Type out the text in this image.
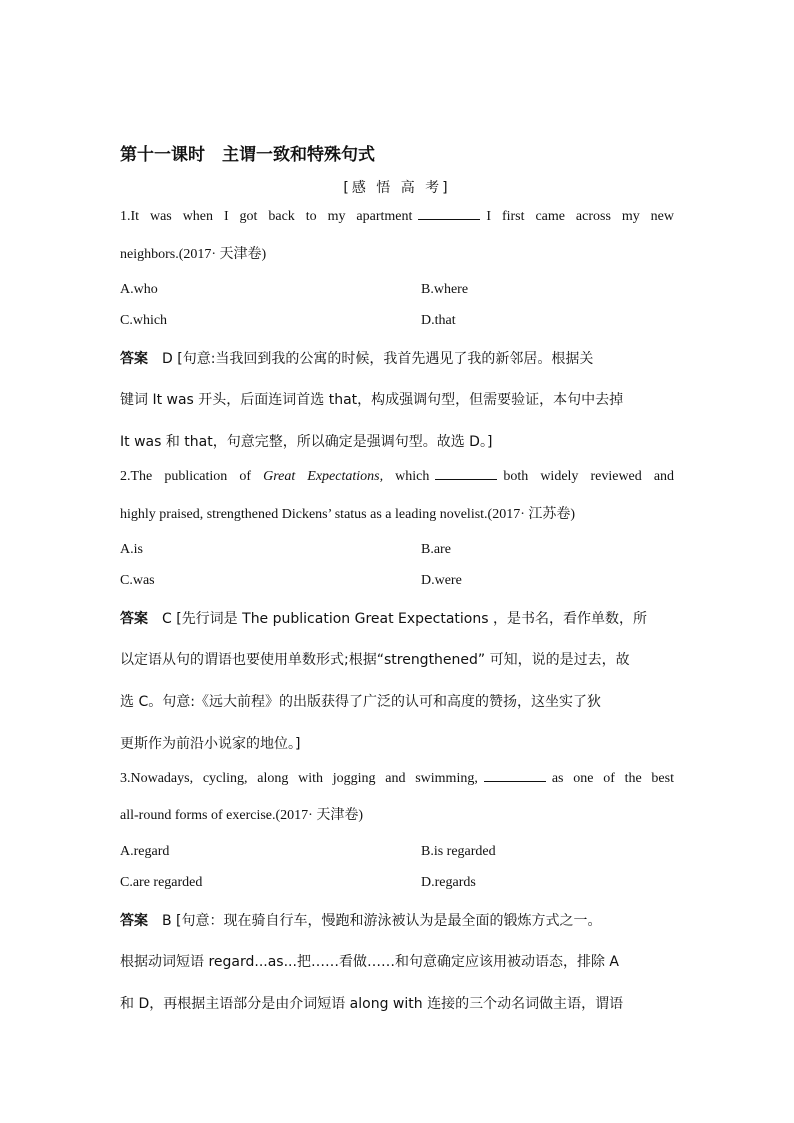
第十一课时　主谓一致和特殊句式
[感 悟 高 考]
1.It was when I got back to my apartment	I first came across my new
neighbors.(2017· 天津卷)
A.who	B.where
C.which	D.that
答案 D [句意:当我回到我的公寓的时候，我首先遇见了我的新邻居。根据关
键词 It was 开头，后面连词首选 that，构成强调句型，但需要验证，本句中去掉
It was 和 that，句意完整，所以确定是强调句型。故选 D。]
2.The publication of Great Expectations, which	both widely reviewed and
highly praised, strengthened Dickens’ status as a leading novelist.(2017· 江苏卷)
A.is	B.are
C.was	D.were
答案 C [先行词是 The publication Great Expectations ，是书名，看作单数，所
以定语从句的谓语也要使用单数形式;根据“strengthened” 可知，说的是过去，故
选 C。句意:《远大前程》的出版获得了广泛的认可和高度的赞扬，这坐实了狄
更斯作为前沿小说家的地位。]
3.Nowadays, cycling, along with jogging and swimming,	as one of the best
all-round forms of exercise.(2017· 天津卷)
A.regard	B.is regarded
C.are regarded	D.regards
答案 B [句意：现在骑自行车，慢跑和游泳被认为是最全面的锻炼方式之一。
根据动词短语 regard...as...把……看做……和句意确定应该用被动语态，排除 A
和 D，再根据主语部分是由介词短语 along with 连接的三个动名词做主语，谓语
